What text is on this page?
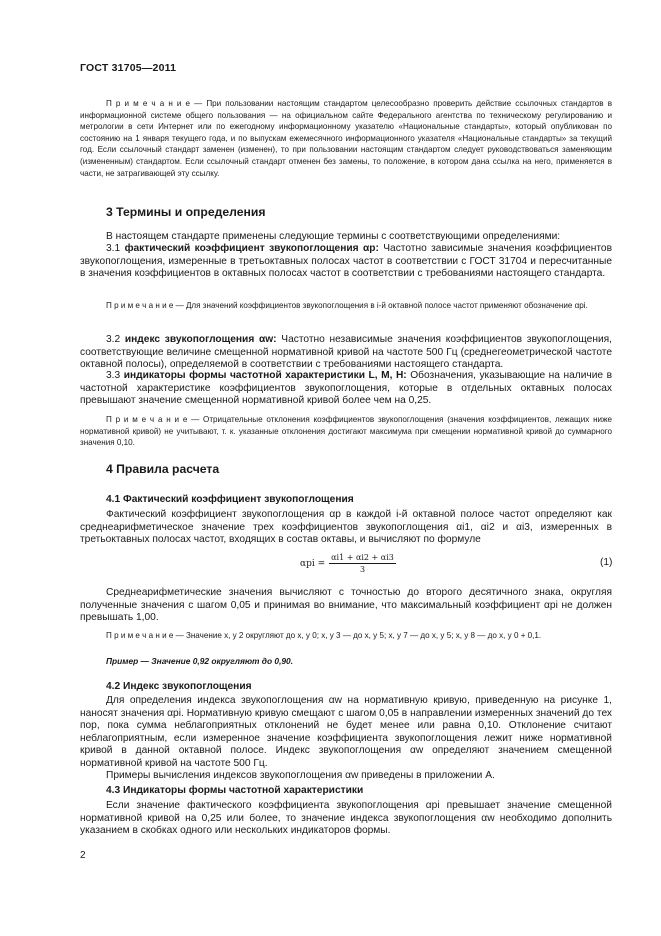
ГОСТ 31705—2011

П р и м е ч а н и е — При пользовании настоящим стандартом целесообразно проверить действие ссылочных стандартов в информационной системе общего пользования — на официальном сайте Федерального агентства по техническому регулированию и метрологии в сети Интернет или по ежегодному информационному указателю «Национальные стандарты», который опубликован по состоянию на 1 января текущего года, и по выпускам ежемесячного информационного указателя «Национальные стандарты» за текущий год. Если ссылочный стандарт заменен (изменен), то при пользовании настоящим стандартом следует руководствоваться заменяющим (измененным) стандартом. Если ссылочный стандарт отменен без замены, то положение, в котором дана ссылка на него, применяется в части, не затрагивающей эту ссылку.

3 Термины и определения

В настоящем стандарте применены следующие термины с соответствующими определениями:

3.1 фактический коэффициент звукопоглощения αp: Частотно зависимые значения коэффициентов звукопоглощения, измеренные в третьоктавных полосах частот в соответствии с ГОСТ 31704 и пересчитанные в значения коэффициентов в октавных полосах частот в соответствии с требованиями настоящего стандарта.

П р и м е ч а н и е — Для значений коэффициентов звукопоглощения в i-й октавной полосе частот применяют обозначение αpi.

3.2 индекс звукопоглощения αw: Частотно независимые значения коэффициентов звукопоглощения, соответствующие величине смещенной нормативной кривой на частоте 500 Гц (среднегеометрической частоте октавной полосы), определяемой в соответствии с требованиями настоящего стандарта.

3.3 индикаторы формы частотной характеристики L, M, H: Обозначения, указывающие на наличие в частотной характеристике коэффициентов звукопоглощения, которые в отдельных октавных полосах превышают значение смещенной нормативной кривой более чем на 0,25.

П р и м е ч а н и е — Отрицательные отклонения коэффициентов звукопоглощения (значения коэффициентов, лежащих ниже нормативной кривой) не учитывают, т. к. указанные отклонения достигают максимума при смещении нормативной кривой до суммарного значения 0,10.

4 Правила расчета
4.1 Фактический коэффициент звукопоглощения

Фактический коэффициент звукопоглощения αp в каждой i-й октавной полосе частот определяют как среднеарифметическое значение трех коэффициентов звукопоглощения αi1, αi2 и αi3, измеренных в третьоктавных полосах частот, входящих в состав октавы, и вычисляют по формуле

$\alpha pi = \frac{\alpha i1 + \alpha i2 + \alpha i3}{3}$	(1)

Среднеарифметические значения вычисляют с точностью до второго десятичного знака, округляя полученные значения с шагом 0,05 и принимая во внимание, что максимальный коэффициент αpi не должен превышать 1,00.

П р и м е ч а н и е — Значение x, y 2 округляют до x, y 0; x, y 3 — до x, y 5; x, y 7 — до x, y 5; x, y 8 — до x, y 0 + 0,1.

Пример — Значение 0,92 округляют до 0,90.
4.2 Индекс звукопоглощения

Для определения индекса звукопоглощения αw на нормативную кривую, приведенную на рисунке 1, наносят значения αpi. Нормативную кривую смещают с шагом 0,05 в направлении измеренных значений до тех пор, пока сумма неблагоприятных отклонений не будет менее или равна 0,10. Отклонение считают неблагоприятным, если измеренное значение коэффициента звукопоглощения лежит ниже нормативной кривой в данной октавной полосе. Индекс звукопоглощения αw определяют значением смещенной нормативной кривой на частоте 500 Гц.

Примеры вычисления индексов звукопоглощения αw приведены в приложении А.

4.3 Индикаторы формы частотной характеристики

Если значение фактического коэффициента звукопоглощения αpi превышает значение смещенной нормативной кривой на 0,25 или более, то значение индекса звукопоглощения αw необходимо дополнить указанием в скобках одного или нескольких индикаторов формы.

2
